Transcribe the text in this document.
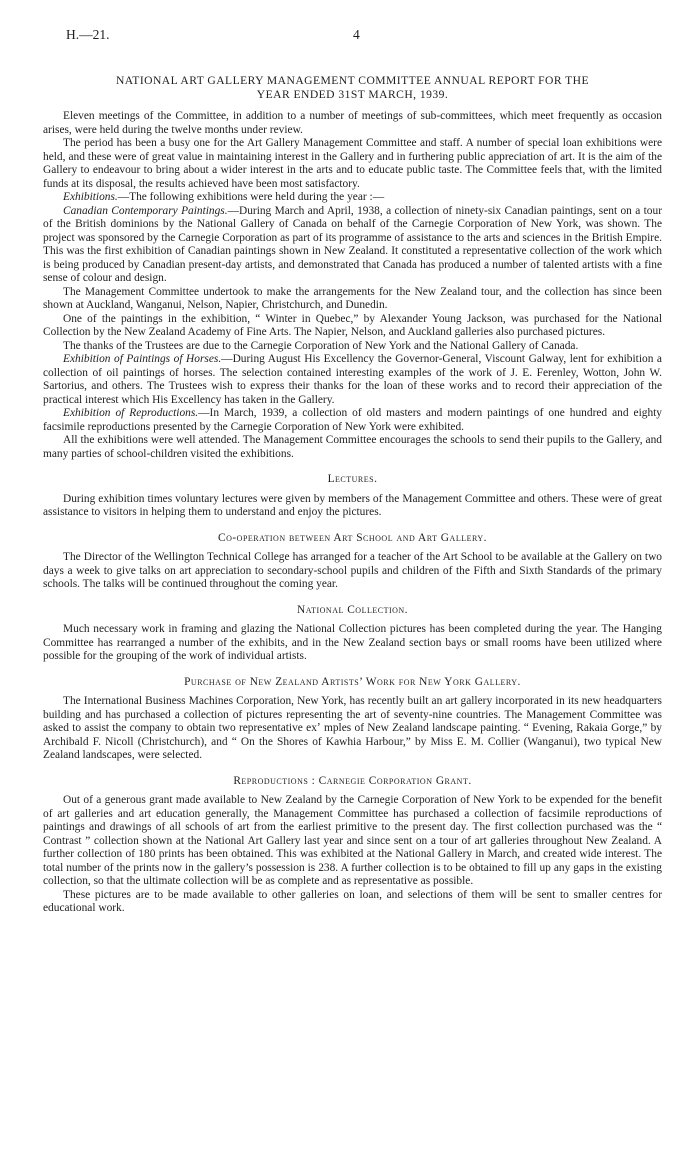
H.—21.	4
NATIONAL ART GALLERY MANAGEMENT COMMITTEE ANNUAL REPORT FOR THE
YEAR ENDED 31ST MARCH, 1939.

Eleven meetings of the Committee, in addition to a number of meetings of sub-committees, which meet frequently as occasion arises, were held during the twelve months under review.

The period has been a busy one for the Art Gallery Management Committee and staff. A number of special loan exhibitions were held, and these were of great value in maintaining interest in the Gallery and in furthering public appreciation of art. It is the aim of the Gallery to endeavour to bring about a wider interest in the arts and to educate public taste. The Committee feels that, with the limited funds at its disposal, the results achieved have been most satisfactory.

Exhibitions.—The following exhibitions were held during the year :—

Canadian Contemporary Paintings.—During March and April, 1938, a collection of ninety-six Canadian paintings, sent on a tour of the British dominions by the National Gallery of Canada on behalf of the Carnegie Corporation of New York, was shown. The project was sponsored by the Carnegie Corporation as part of its programme of assistance to the arts and sciences in the British Empire. This was the first exhibition of Canadian paintings shown in New Zealand. It constituted a representative collection of the work which is being produced by Canadian present-day artists, and demonstrated that Canada has produced a number of talented artists with a fine sense of colour and design.

The Management Committee undertook to make the arrangements for the New Zealand tour, and the collection has since been shown at Auckland, Wanganui, Nelson, Napier, Christchurch, and Dunedin.

One of the paintings in the exhibition, “ Winter in Quebec,” by Alexander Young Jackson, was purchased for the National Collection by the New Zealand Academy of Fine Arts. The Napier, Nelson, and Auckland galleries also purchased pictures.

The thanks of the Trustees are due to the Carnegie Corporation of New York and the National Gallery of Canada.

Exhibition of Paintings of Horses.—During August His Excellency the Governor-General, Viscount Galway, lent for exhibition a collection of oil paintings of horses. The selection contained interesting examples of the work of J. E. Ferenley, Wotton, John W. Sartorius, and others. The Trustees wish to express their thanks for the loan of these works and to record their appreciation of the practical interest which His Excellency has taken in the Gallery.

Exhibition of Reproductions.—In March, 1939, a collection of old masters and modern paintings of one hundred and eighty facsimile reproductions presented by the Carnegie Corporation of New York were exhibited.

All the exhibitions were well attended. The Management Committee encourages the schools to send their pupils to the Gallery, and many parties of school-children visited the exhibitions.

Lectures.

During exhibition times voluntary lectures were given by members of the Management Committee and others. These were of great assistance to visitors in helping them to understand and enjoy the pictures.

Co-operation between Art School and Art Gallery.

The Director of the Wellington Technical College has arranged for a teacher of the Art School to be available at the Gallery on two days a week to give talks on art appreciation to secondary-school pupils and children of the Fifth and Sixth Standards of the primary schools. The talks will be continued throughout the coming year.

National Collection.

Much necessary work in framing and glazing the National Collection pictures has been completed during the year. The Hanging Committee has rearranged a number of the exhibits, and in the New Zealand section bays or small rooms have been utilized where possible for the grouping of the work of individual artists.

Purchase of New Zealand Artists’ Work for New York Gallery.

The International Business Machines Corporation, New York, has recently built an art gallery incorporated in its new headquarters building and has purchased a collection of pictures representing the art of seventy-nine countries. The Management Committee was asked to assist the company to obtain two representative exʼ mples of New Zealand landscape painting. “ Evening, Rakaia Gorge,” by Archibald F. Nicoll (Christchurch), and “ On the Shores of Kawhia Harbour,” by Miss E. M. Collier (Wanganui), two typical New Zealand landscapes, were selected.

Reproductions : Carnegie Corporation Grant.

Out of a generous grant made available to New Zealand by the Carnegie Corporation of New York to be expended for the benefit of art galleries and art education generally, the Management Committee has purchased a collection of facsimile reproductions of paintings and drawings of all schools of art from the earliest primitive to the present day. The first collection purchased was the “ Contrast ” collection shown at the National Art Gallery last year and since sent on a tour of art galleries throughout New Zealand. A further collection of 180 prints has been obtained. This was exhibited at the National Gallery in March, and created wide interest. The total number of the prints now in the gallery’s possession is 238. A further collection is to be obtained to fill up any gaps in the existing collection, so that the ultimate collection will be as complete and as representative as possible.

These pictures are to be made available to other galleries on loan, and selections of them will be sent to smaller centres for educational work.
